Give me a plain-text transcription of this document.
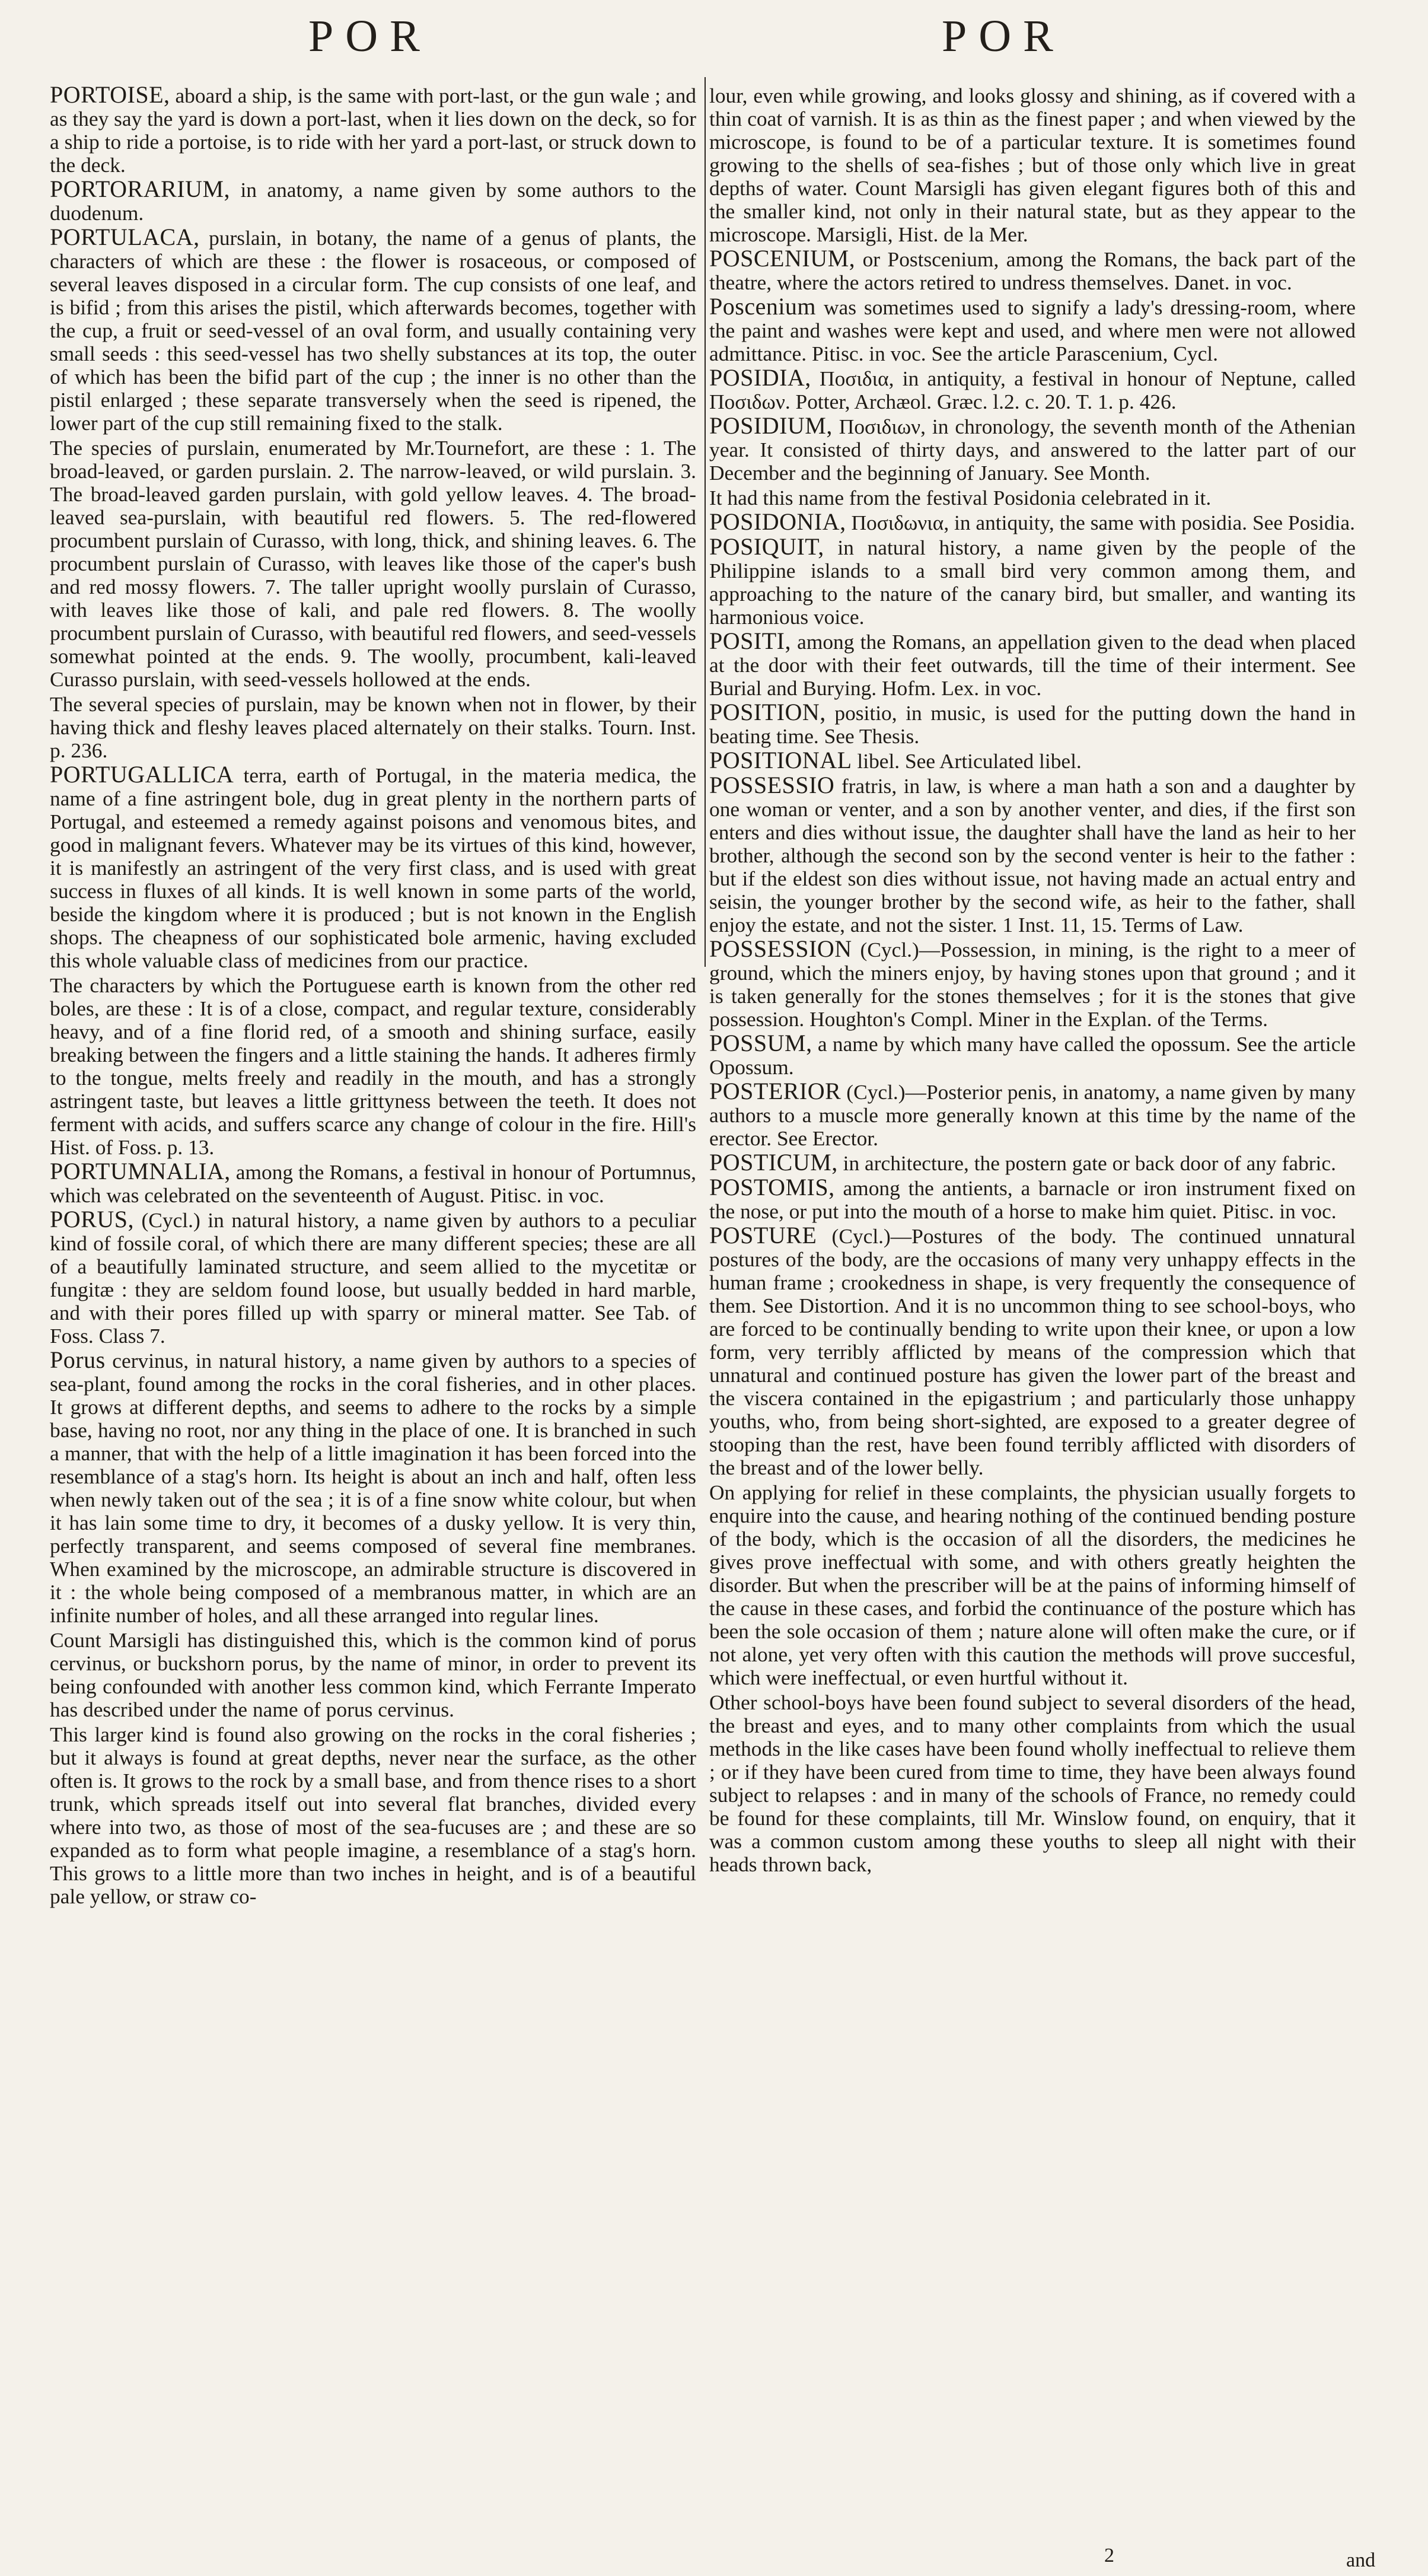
POR	POR

PORTOISE, aboard a ship, is the same with port-last, or the gun wale ; and as they say the yard is down a port-last, when it lies down on the deck, so for a ship to ride a portoise, is to ride with her yard a port-last, or struck down to the deck.

PORTORARIUM, in anatomy, a name given by some authors to the duodenum.

PORTULACA, purslain, in botany, the name of a genus of plants, the characters of which are these : the flower is rosaceous, or composed of several leaves disposed in a circular form. The cup consists of one leaf, and is bifid ; from this arises the pistil, which afterwards becomes, together with the cup, a fruit or seed-vessel of an oval form, and usually containing very small seeds : this seed-vessel has two shelly substances at its top, the outer of which has been the bifid part of the cup ; the inner is no other than the pistil enlarged ; these separate transversely when the seed is ripened, the lower part of the cup still remaining fixed to the stalk.

The species of purslain, enumerated by Mr.Tournefort, are these : 1. The broad-leaved, or garden purslain. 2. The narrow-leaved, or wild purslain. 3. The broad-leaved garden purslain, with gold yellow leaves. 4. The broad-leaved sea-purslain, with beautiful red flowers. 5. The red-flowered procumbent purslain of Curasso, with long, thick, and shining leaves. 6. The procumbent purslain of Curasso, with leaves like those of the caper's bush and red mossy flowers. 7. The taller upright woolly purslain of Curasso, with leaves like those of kali, and pale red flowers. 8. The woolly procumbent purslain of Curasso, with beautiful red flowers, and seed-vessels somewhat pointed at the ends. 9. The woolly, procumbent, kali-leaved Curasso purslain, with seed-vessels hollowed at the ends.

The several species of purslain, may be known when not in flower, by their having thick and fleshy leaves placed alternately on their stalks. Tourn. Inst. p. 236.

PORTUGALLICA terra, earth of Portugal, in the materia medica, the name of a fine astringent bole, dug in great plenty in the northern parts of Portugal, and esteemed a remedy against poisons and venomous bites, and good in malignant fevers. Whatever may be its virtues of this kind, however, it is manifestly an astringent of the very first class, and is used with great success in fluxes of all kinds. It is well known in some parts of the world, beside the kingdom where it is produced ; but is not known in the English shops. The cheapness of our sophisticated bole armenic, having excluded this whole valuable class of medicines from our practice.

The characters by which the Portuguese earth is known from the other red boles, are these : It is of a close, compact, and regular texture, considerably heavy, and of a fine florid red, of a smooth and shining surface, easily breaking between the fingers and a little staining the hands. It adheres firmly to the tongue, melts freely and readily in the mouth, and has a strongly astringent taste, but leaves a little grittyness between the teeth. It does not ferment with acids, and suffers scarce any change of colour in the fire. Hill's Hist. of Foss. p. 13.

PORTUMNALIA, among the Romans, a festival in honour of Portumnus, which was celebrated on the seventeenth of August. Pitisc. in voc.

PORUS, (Cycl.) in natural history, a name given by authors to a peculiar kind of fossile coral, of which there are many different species; these are all of a beautifully laminated structure, and seem allied to the mycetitæ or fungitæ : they are seldom found loose, but usually bedded in hard marble, and with their pores filled up with sparry or mineral matter. See Tab. of Foss. Class 7.

Porus cervinus, in natural history, a name given by authors to a species of sea-plant, found among the rocks in the coral fisheries, and in other places. It grows at different depths, and seems to adhere to the rocks by a simple base, having no root, nor any thing in the place of one. It is branched in such a manner, that with the help of a little imagination it has been forced into the resemblance of a stag's horn. Its height is about an inch and half, often less when newly taken out of the sea ; it is of a fine snow white colour, but when it has lain some time to dry, it becomes of a dusky yellow. It is very thin, perfectly transparent, and seems composed of several fine membranes. When examined by the microscope, an admirable structure is discovered in it : the whole being composed of a membranous matter, in which are an infinite number of holes, and all these arranged into regular lines.

Count Marsigli has distinguished this, which is the common kind of porus cervinus, or buckshorn porus, by the name of minor, in order to prevent its being confounded with another less common kind, which Ferrante Imperato has described under the name of porus cervinus.

This larger kind is found also growing on the rocks in the coral fisheries ; but it always is found at great depths, never near the surface, as the other often is. It grows to the rock by a small base, and from thence rises to a short trunk, which spreads itself out into several flat branches, divided every where into two, as those of most of the sea-fucuses are ; and these are so expanded as to form what people imagine, a resemblance of a stag's horn. This grows to a little more than two inches in height, and is of a beautiful pale yellow, or straw co-

lour, even while growing, and looks glossy and shining, as if covered with a thin coat of varnish. It is as thin as the finest paper ; and when viewed by the microscope, is found to be of a particular texture. It is sometimes found growing to the shells of sea-fishes ; but of those only which live in great depths of water. Count Marsigli has given elegant figures both of this and the smaller kind, not only in their natural state, but as they appear to the microscope. Marsigli, Hist. de la Mer.

POSCENIUM, or Postscenium, among the Romans, the back part of the theatre, where the actors retired to undress themselves. Danet. in voc.

Poscenium was sometimes used to signify a lady's dressing-room, where the paint and washes were kept and used, and where men were not allowed admittance. Pitisc. in voc. See the article Parascenium, Cycl.

POSIDIA, Ποσιδια, in antiquity, a festival in honour of Neptune, called Ποσιδων. Potter, Archæol. Græc. l.2. c. 20. T. 1. p. 426.

POSIDIUM, Ποσιδιων, in chronology, the seventh month of the Athenian year. It consisted of thirty days, and answered to the latter part of our December and the beginning of January. See Month.

It had this name from the festival Posidonia celebrated in it.

POSIDONIA, Ποσιδωνια, in antiquity, the same with posidia. See Posidia.

POSIQUIT, in natural history, a name given by the people of the Philippine islands to a small bird very common among them, and approaching to the nature of the canary bird, but smaller, and wanting its harmonious voice.

POSITI, among the Romans, an appellation given to the dead when placed at the door with their feet outwards, till the time of their interment. See Burial and Burying. Hofm. Lex. in voc.

POSITION, positio, in music, is used for the putting down the hand in beating time. See Thesis.

POSITIONAL libel. See Articulated libel.

POSSESSIO fratris, in law, is where a man hath a son and a daughter by one woman or venter, and a son by another venter, and dies, if the first son enters and dies without issue, the daughter shall have the land as heir to her brother, although the second son by the second venter is heir to the father : but if the eldest son dies without issue, not having made an actual entry and seisin, the younger brother by the second wife, as heir to the father, shall enjoy the estate, and not the sister. 1 Inst. 11, 15. Terms of Law.

POSSESSION (Cycl.)—Possession, in mining, is the right to a meer of ground, which the miners enjoy, by having stones upon that ground ; and it is taken generally for the stones themselves ; for it is the stones that give possession. Houghton's Compl. Miner in the Explan. of the Terms.

POSSUM, a name by which many have called the opossum. See the article Opossum.

POSTERIOR (Cycl.)—Posterior penis, in anatomy, a name given by many authors to a muscle more generally known at this time by the name of the erector. See Erector.

POSTICUM, in architecture, the postern gate or back door of any fabric.

POSTOMIS, among the antients, a barnacle or iron instrument fixed on the nose, or put into the mouth of a horse to make him quiet. Pitisc. in voc.

POSTURE (Cycl.)—Postures of the body. The continued unnatural postures of the body, are the occasions of many very unhappy effects in the human frame ; crookedness in shape, is very frequently the consequence of them. See Distortion. And it is no uncommon thing to see school-boys, who are forced to be continually bending to write upon their knee, or upon a low form, very terribly afflicted by means of the compression which that unnatural and continued posture has given the lower part of the breast and the viscera contained in the epigastrium ; and particularly those unhappy youths, who, from being short-sighted, are exposed to a greater degree of stooping than the rest, have been found terribly afflicted with disorders of the breast and of the lower belly.

On applying for relief in these complaints, the physician usually forgets to enquire into the cause, and hearing nothing of the continued bending posture of the body, which is the occasion of all the disorders, the medicines he gives prove ineffectual with some, and with others greatly heighten the disorder. But when the prescriber will be at the pains of informing himself of the cause in these cases, and forbid the continuance of the posture which has been the sole occasion of them ; nature alone will often make the cure, or if not alone, yet very often with this caution the methods will prove succesful, which were ineffectual, or even hurtful without it.

Other school-boys have been found subject to several disorders of the head, the breast and eyes, and to many other complaints from which the usual methods in the like cases have been found wholly ineffectual to relieve them ; or if they have been cured from time to time, they have been always found subject to relapses : and in many of the schools of France, no remedy could be found for these complaints, till Mr. Winslow found, on enquiry, that it was a common custom among these youths to sleep all night with their heads thrown back,

2	and
